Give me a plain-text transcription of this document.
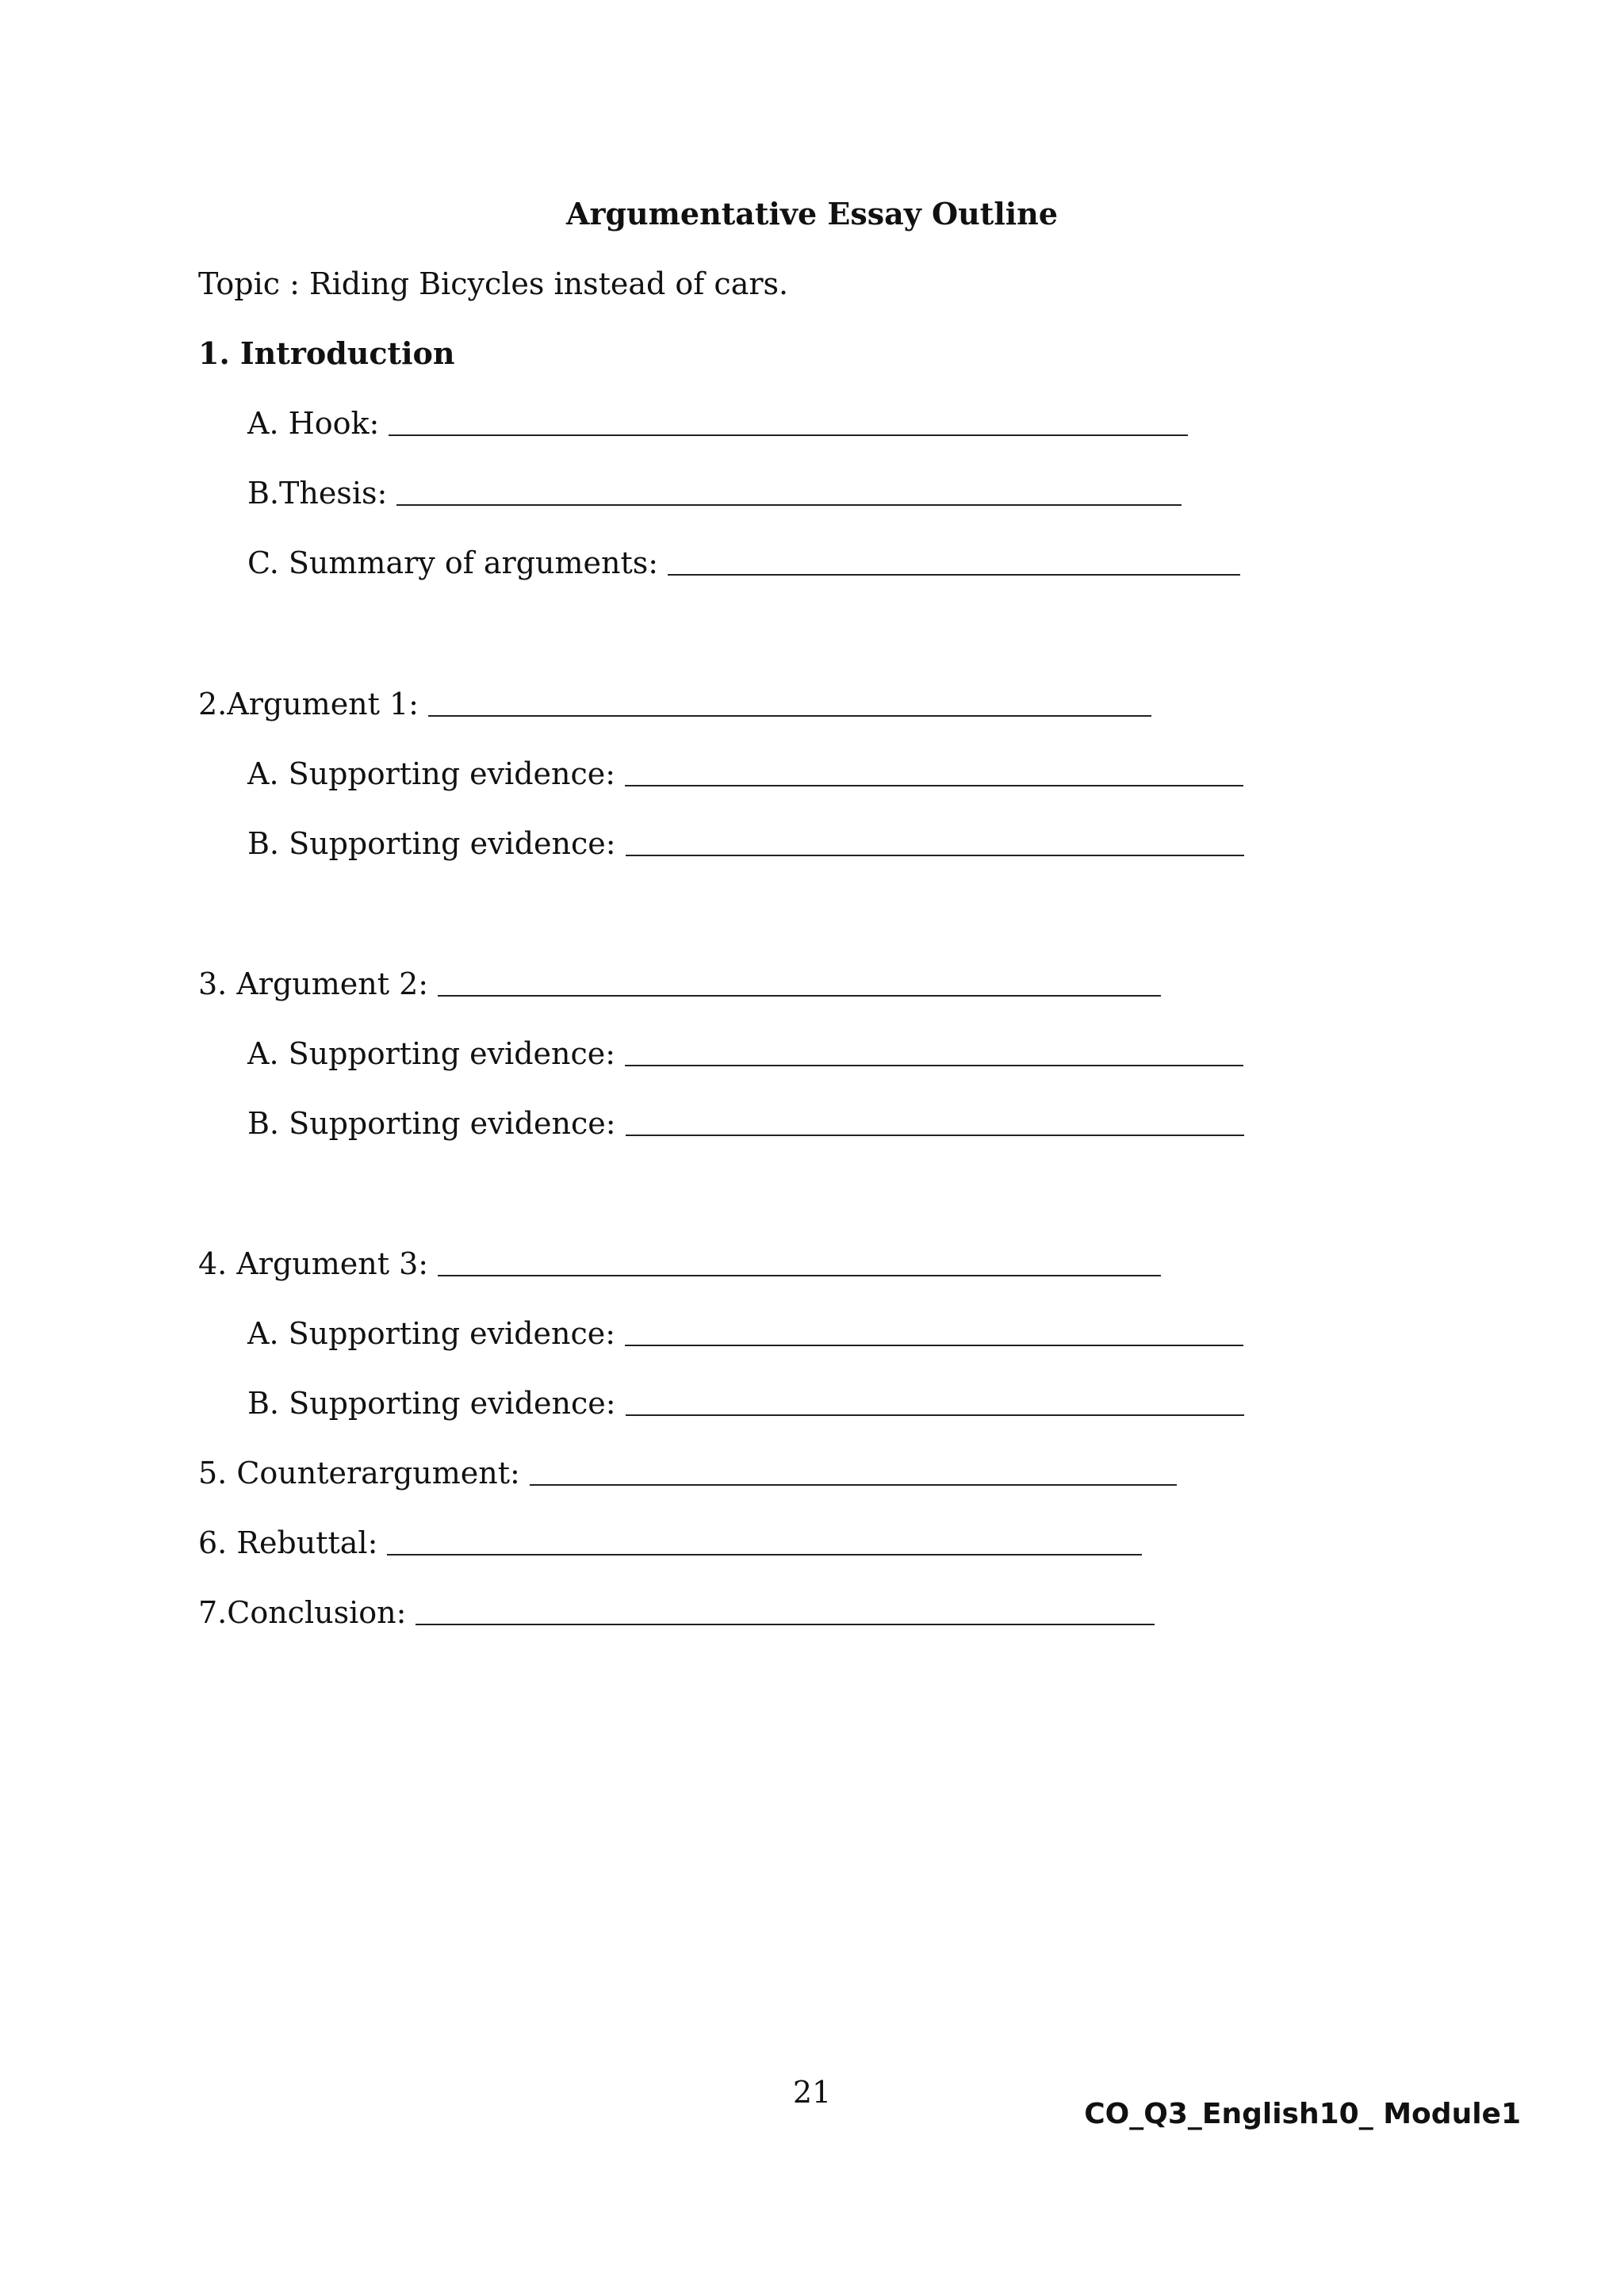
Argumentative Essay Outline
Topic : Riding Bicycles instead of cars.
1. Introduction
A. Hook:
B.Thesis:
C. Summary of arguments:
2.Argument 1:
A. Supporting evidence:
B. Supporting evidence:
3. Argument 2:
A. Supporting evidence:
B. Supporting evidence:
4. Argument 3:
A. Supporting evidence:
B. Supporting evidence:
5. Counterargument:
6. Rebuttal:
7.Conclusion:
21
CO_Q3_English10_ Module1
